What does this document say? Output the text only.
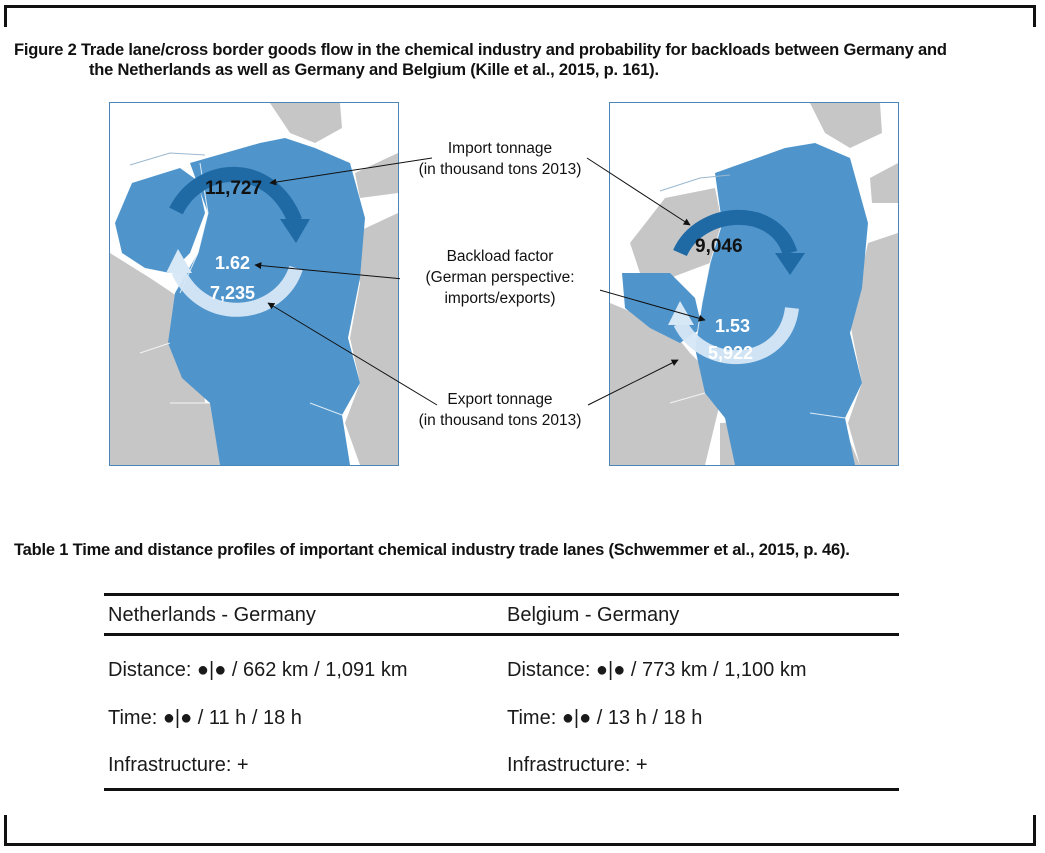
Figure 2 Trade lane/cross border goods flow in the chemical industry and probability for backloads between Germany and
the Netherlands as well as Germany and Belgium (Kille et al., 2015, p. 161).
11,727
1.62
7,235
9,046
1.53
5,922
Import tonnage
(in thousand tons 2013)
Backload factor
(German perspective:
imports/exports)
Export tonnage
(in thousand tons 2013)
Table 1 Time and distance profiles of important chemical industry trade lanes (Schwemmer et al., 2015, p. 46).
Netherlands - Germany	Belgium - Germany
Distance: ●|● / 662 km / 1,091 km	Distance: ●|● / 773 km / 1,100 km
Time: ●|● / 11 h / 18 h	Time: ●|● / 13 h / 18 h
Infrastructure: +	Infrastructure: +
